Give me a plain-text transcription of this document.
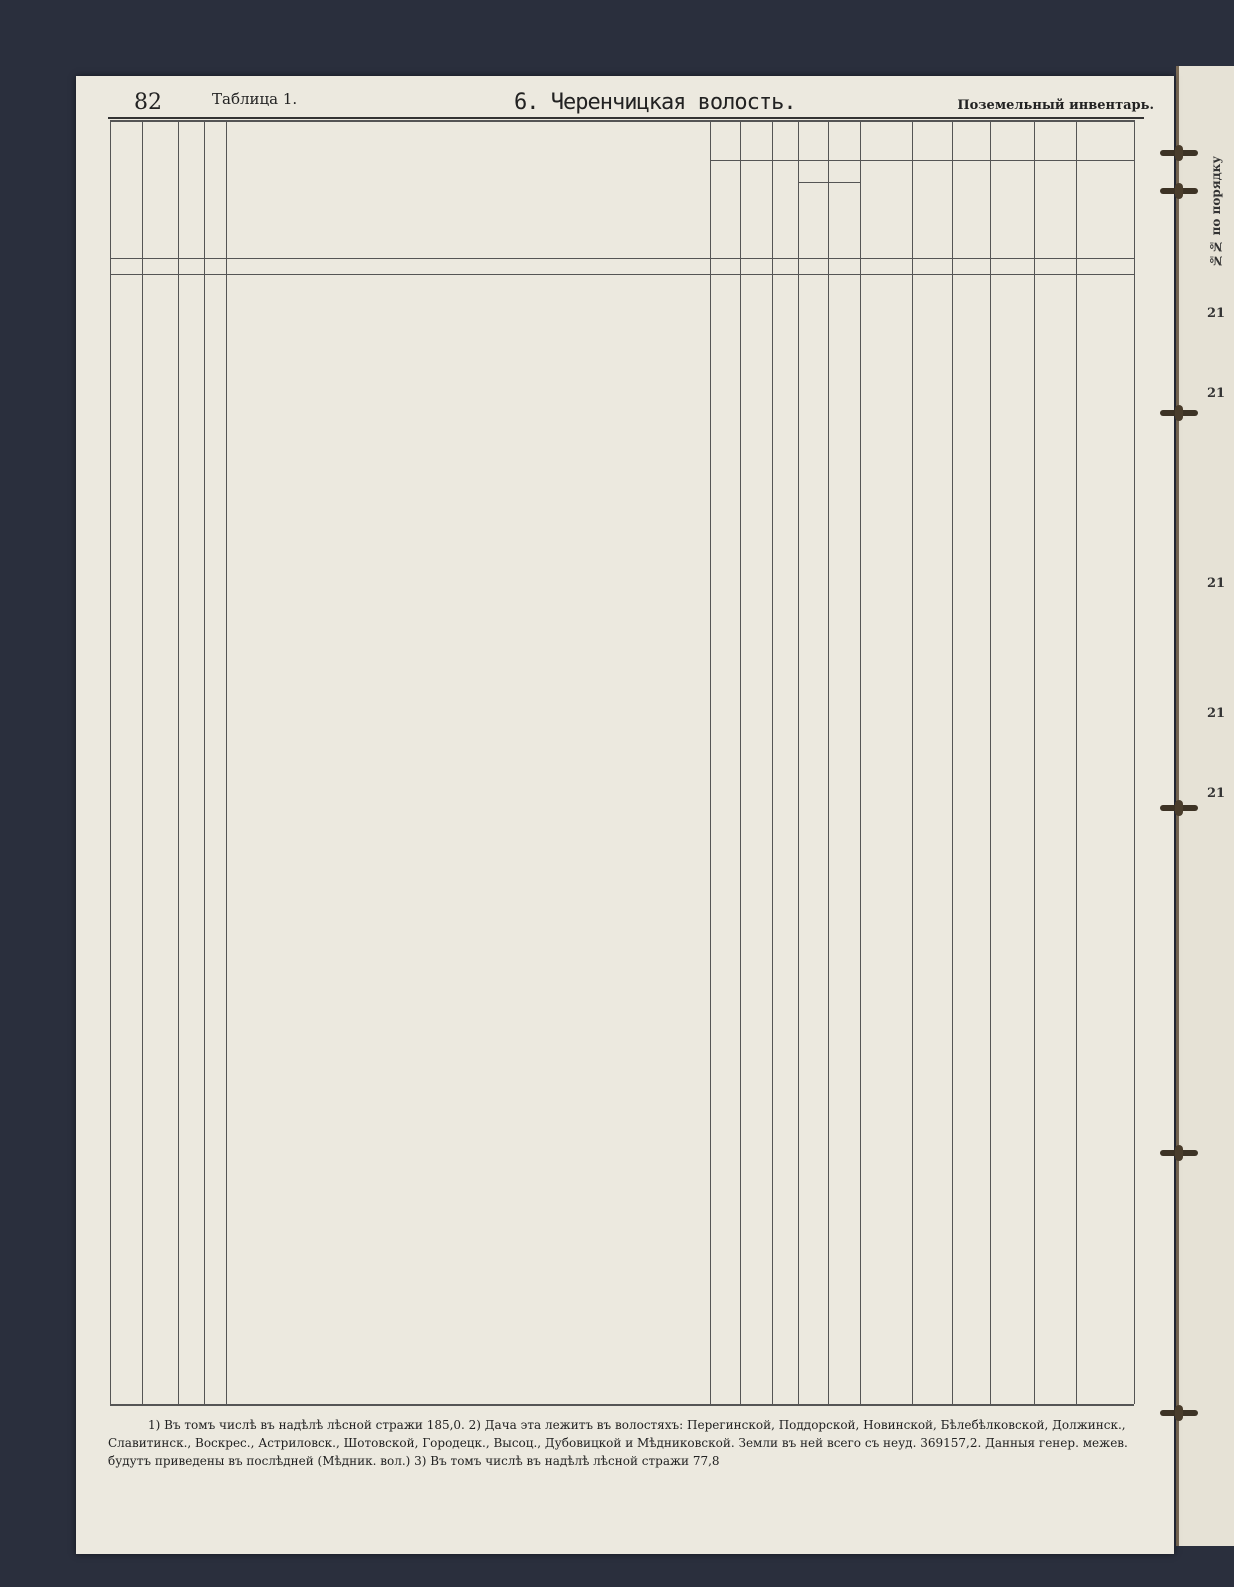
№№ по порядку
21
21
21
21
21
82	Таблица 1.	6. Черенчицкая волость.	Поземельный инвентарь.
1) Въ томъ числѣ въ надѣлѣ лѣсной стражи 185,0. 2) Дача эта лежитъ въ волостяхъ: Перегинской, Поддорской, Новинской, Бѣлебѣлковской, Должинск., Славитинск., Воскрес., Астриловск., Шотовской, Городецк., Высоц., Дубовицкой и Мѣдниковской. Земли въ ней всего съ неуд. 369157,2. Данныя генер. межев. будутъ приведены въ послѣдней (Мѣдник. вол.) 3) Въ томъ числѣ въ надѣлѣ лѣсной стражи 77,8
